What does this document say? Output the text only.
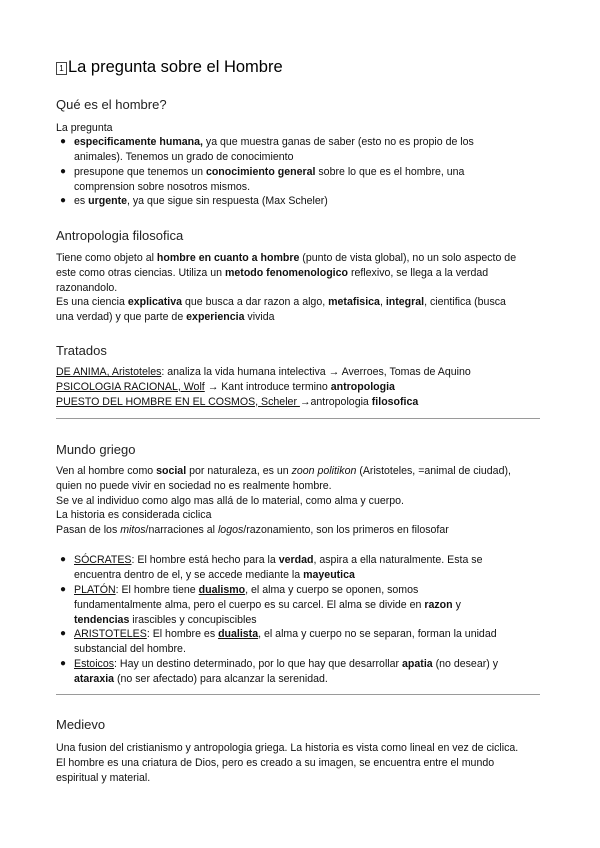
1 La pregunta sobre el Hombre
Qué es el hombre?
La pregunta
● especificamente humana, ya que muestra ganas de saber (esto no es propio de los
animales). Tenemos un grado de conocimiento
● presupone que tenemos un conocimiento general sobre lo que es el hombre, una
comprension sobre nosotros mismos.
● es urgente, ya que sigue sin respuesta (Max Scheler)
Antropologia filosofica
Tiene como objeto al hombre en cuanto a hombre (punto de vista global), no un solo aspecto de
este como otras ciencias. Utiliza un metodo fenomenologico reflexivo, se llega a la verdad
razonandolo.
Es una ciencia explicativa que busca a dar razon a algo, metafisica, integral, cientifica (busca
una verdad) y que parte de experiencia vivida
Tratados
DE ANIMA, Aristoteles: analiza la vida humana intelectiva → Averroes, Tomas de Aquino
PSICOLOGIA RACIONAL, Wolf → Kant introduce termino antropologia
PUESTO DEL HOMBRE EN EL COSMOS, Scheler →antropologia filosofica
Mundo griego
Ven al hombre como social por naturaleza, es un zoon politikon (Aristoteles, =animal de ciudad),
quien no puede vivir en sociedad no es realmente hombre.
Se ve al individuo como algo mas allá de lo material, como alma y cuerpo.
La historia es considerada ciclica
Pasan de los mitos/narraciones al logos/razonamiento, son los primeros en filosofar
● SÓCRATES: El hombre está hecho para la verdad, aspira a ella naturalmente. Esta se
encuentra dentro de el, y se accede mediante la mayeutica
● PLATÓN: El hombre tiene dualismo, el alma y cuerpo se oponen, somos
fundamentalmente alma, pero el cuerpo es su carcel. El alma se divide en razon y
tendencias irascibles y concupiscibles
● ARISTOTELES: El hombre es dualista, el alma y cuerpo no se separan, forman la unidad
substancial del hombre.
● Estoicos: Hay un destino determinado, por lo que hay que desarrollar apatia (no desear) y
ataraxia (no ser afectado) para alcanzar la serenidad.
Medievo
Una fusion del cristianismo y antropologia griega. La historia es vista como lineal en vez de ciclica.
El hombre es una criatura de Dios, pero es creado a su imagen, se encuentra entre el mundo
espiritual y material.
